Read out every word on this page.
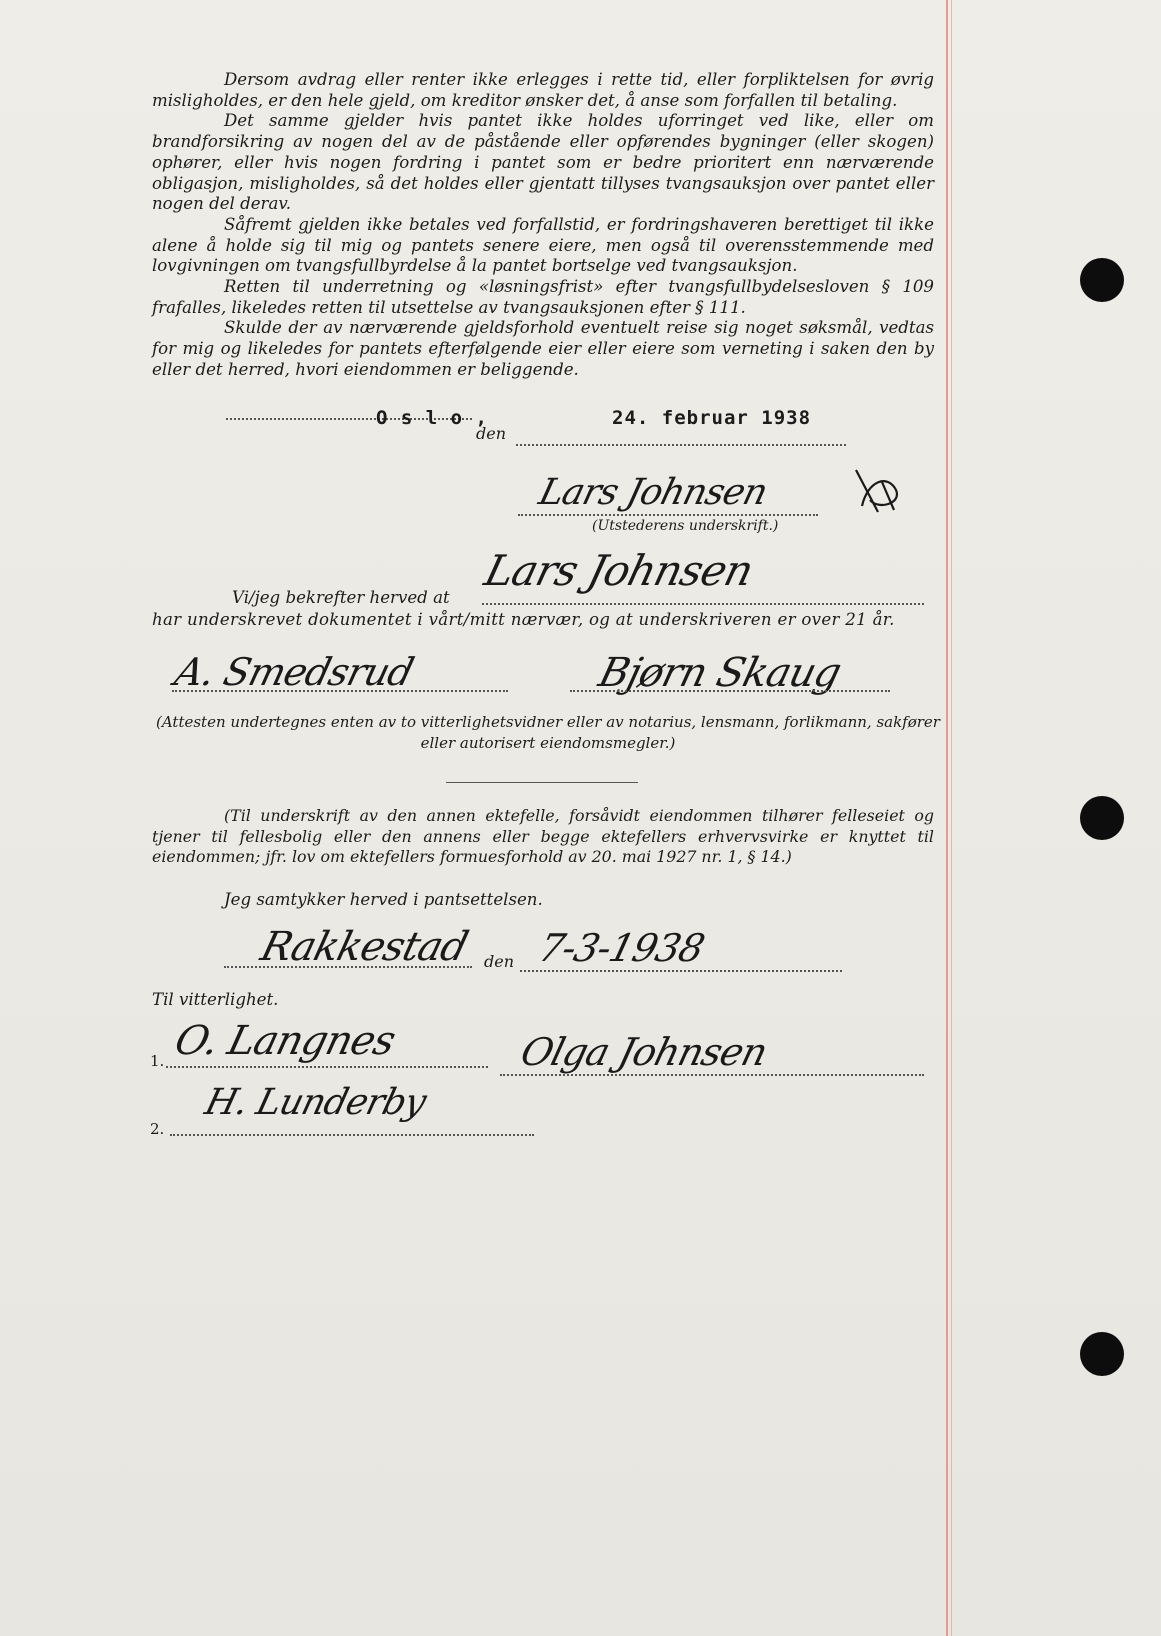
Dersom avdrag eller renter ikke erlegges i rette tid, eller forpliktelsen for øvrig misligholdes, er den hele gjeld, om kreditor ønsker det, å anse som forfallen til betaling.

Det samme gjelder hvis pantet ikke holdes uforringet ved like, eller om brandforsikring av nogen del av de påstående eller opførendes bygninger (eller skogen) ophører, eller hvis nogen fordring i pantet som er bedre prioritert enn nærværende obligasjon, misligholdes, så det holdes eller gjentatt tillyses tvangsauksjon over pantet eller nogen del derav.

Såfremt gjelden ikke betales ved forfallstid, er fordringshaveren berettiget til ikke alene å holde sig til mig og pantets senere eiere, men også til overensstemmende med lovgivningen om tvangsfullbyrdelse å la pantet bortselge ved tvangsauksjon.

Retten til underretning og «løsningsfrist» efter tvangsfullbydelsesloven § 109 frafalles, likeledes retten til utsettelse av tvangsauksjonen efter § 111.

Skulde der av nærværende gjeldsforhold eventuelt reise sig noget søksmål, vedtas for mig og likeledes for pantets efterfølgende eier eller eiere som verneting i saken den by eller det herred, hvori eiendommen er beliggende.

O s l o ,
den
24. februar 1938
Lars Johnsen
(Utstederens underskrift.)
Vi/jeg bekrefter herved at
Lars Johnsen
har underskrevet dokumentet i vårt/mitt nærvær, og at underskriveren er over 21 år.
A. Smedsrud	Bjørn Skaug
(Attesten undertegnes enten av to vitterlighetsvidner eller av notarius, lensmann, forlikmann, sakfører eller autorisert eiendomsmegler.)
(Til underskrift av den annen ektefelle, forsåvidt eiendommen tilhører felleseiet og tjener til fellesbolig eller den annens eller begge ektefellers erhvervsvirke er knyttet til eiendommen; jfr. lov om ektefellers formuesforhold av 20. mai 1927 nr. 1, § 14.)
Jeg samtykker herved i pantsettelsen.
Rakkestad den 7-3-1938
Til vitterlighet.
1. O. Langnes	Olga Johnsen
2.
H. Lunderby
